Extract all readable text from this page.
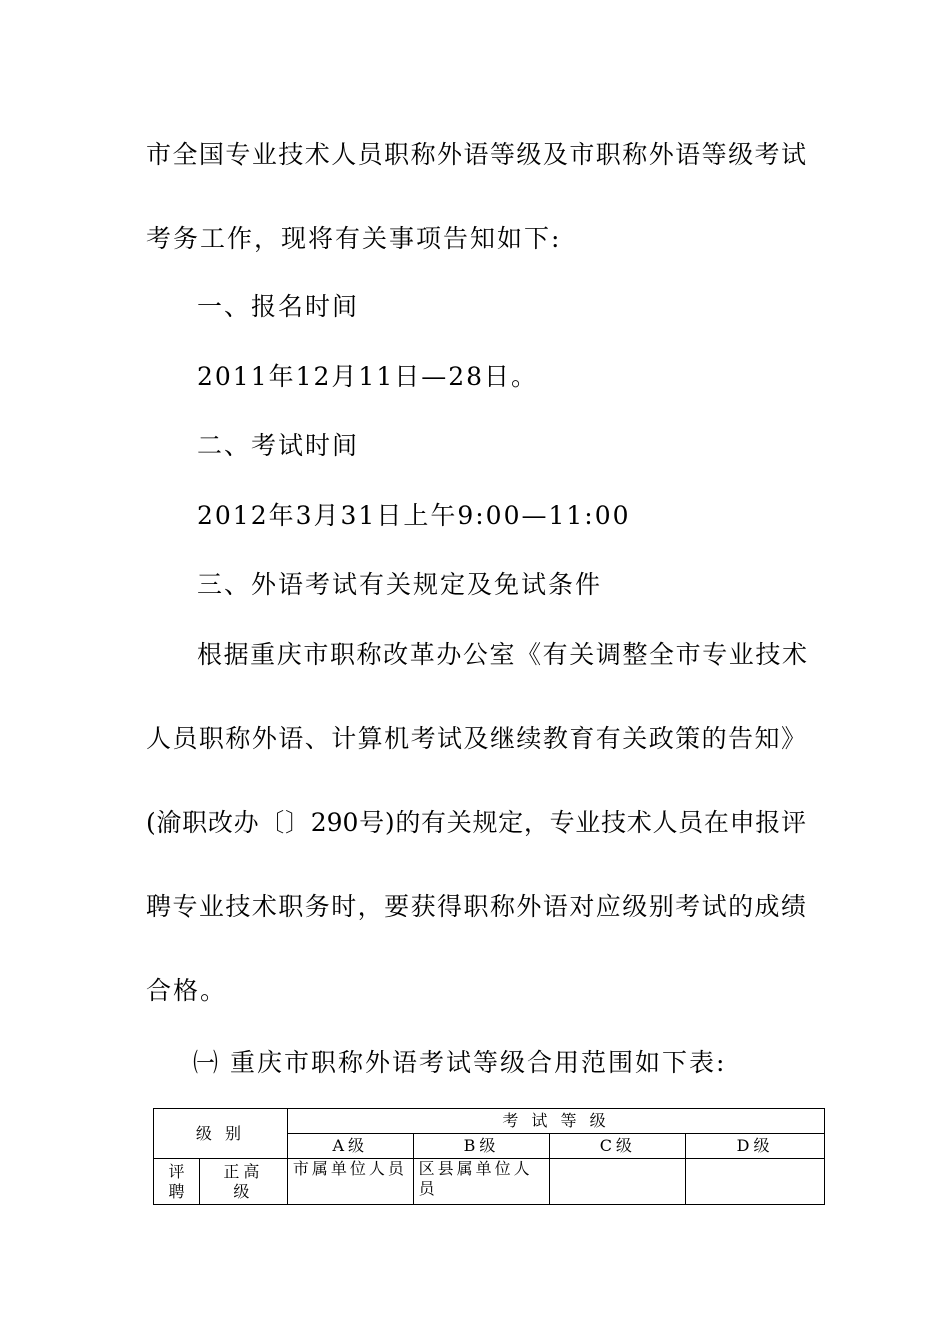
市全国专业技术人员职称外语等级及市职称外语等级考试
考务工作，现将有关事项告知如下:
一、报名时间
2011年12月11日—28日。
二、考试时间
2012年3月31日上午9:00—11:00
三、外语考试有关规定及免试条件
根据重庆市职称改革办公室《有关调整全市专业技术
人员职称外语、计算机考试及继续教育有关政策的告知》
(渝职改办〔〕290号)的有关规定，专业技术人员在申报评
聘专业技术职务时，要获得职称外语对应级别考试的成绩
合格。
㈠ 重庆市职称外语考试等级合用范围如下表:
级 别		考 试 等 级			
		A级	B级	C级	D级
评聘	正高级	市属单位人员	区县属单位人员		
